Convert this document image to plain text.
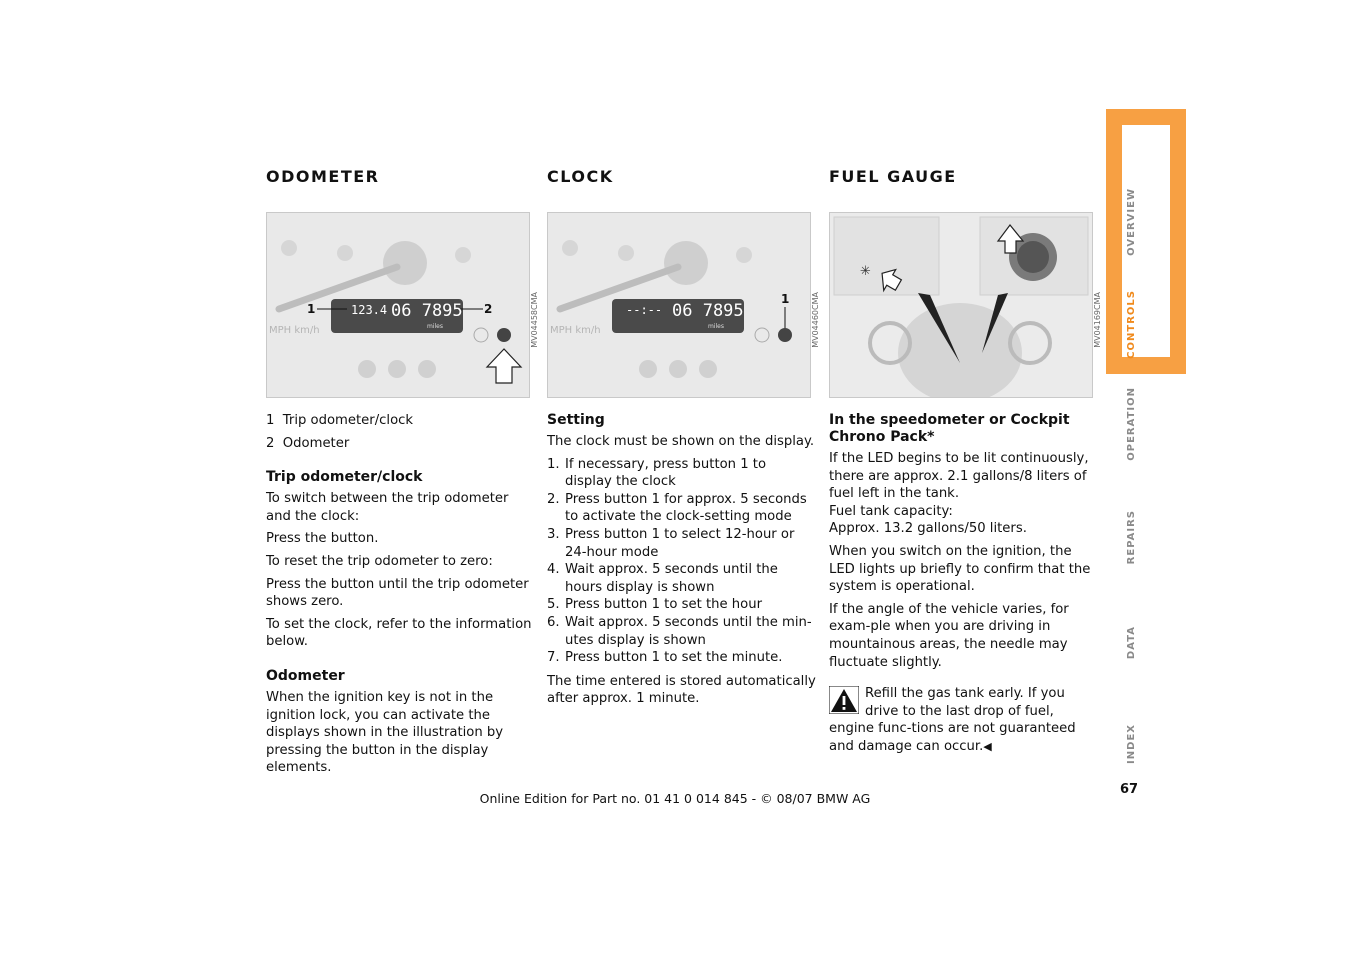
ODOMETER
123.4 06 7895
miles
MPH km/h
1	2	MV04458CMA

1 Trip odometer/clock

2 Odometer

Trip odometer/clock

To switch between the trip odometer and the clock:

Press the button.

To reset the trip odometer to zero:

Press the button until the trip odometer shows zero.

To set the clock, refer to the information below.

Odometer

When the ignition key is not in the ignition lock, you can activate the displays shown in the illustration by pressing the button in the display elements.

CLOCK
--:-- 06 7895
miles
MPH km/h
1	MV04460CMA
Setting

The clock must be shown on the display.

1. If necessary, press button 1 to display the clock
2. Press button 1 for approx. 5 seconds to activate the clock-setting mode
3. Press button 1 to select 12-hour or 24-hour mode
4. Wait approx. 5 seconds until the hours display is shown
5. Press button 1 to set the hour
6. Wait approx. 5 seconds until the min-utes display is shown
7. Press button 1 to set the minute.

The time entered is stored automatically after approx. 1 minute.

FUEL GAUGE
✳
MV04169CMA
In the speedometer or Cockpit Chrono Pack*

If the LED begins to be lit continuously, there are approx. 2.1 gallons/8 liters of fuel left in the tank.

Fuel tank capacity:

Approx. 13.2 gallons/50 liters.

When you switch on the ignition, the LED lights up briefly to confirm that the system is operational.

If the angle of the vehicle varies, for exam-ple when you are driving in mountainous areas, the needle may fluctuate slightly.

Refill the gas tank early. If you drive to the last drop of fuel, engine func-tions are not guaranteed and damage can occur.◀
OVERVIEW
CONTROLS
OPERATION
REPAIRS
DATA
INDEX
67
Online Edition for Part no. 01 41 0 014 845 - © 08/07 BMW AG
